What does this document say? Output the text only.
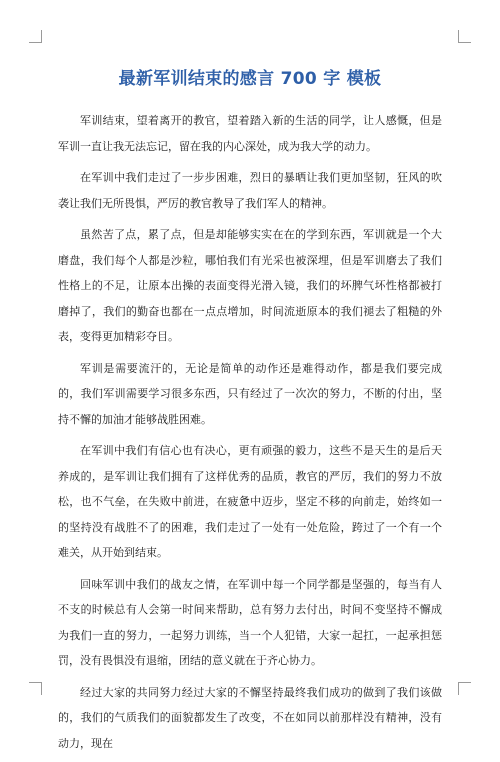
最新军训结束的感言 700 字 模板

军训结束，望着离开的教官，望着踏入新的生活的同学，让人感慨，但是军训一直让我无法忘记，留在我的内心深处，成为我大学的动力。

在军训中我们走过了一步步困难，烈日的暴晒让我们更加坚韧，狂风的吹袭让我们无所畏惧，严厉的教官教导了我们军人的精神。

虽然苦了点，累了点，但是却能够实实在在的学到东西，军训就是一个大磨盘，我们每个人都是沙粒，哪怕我们有光采也被深埋，但是军训磨去了我们性格上的不足，让原本出操的表面变得光滑入镜，我们的坏脾气坏性格都被打磨掉了，我们的勤奋也都在一点点增加，时间流逝原本的我们褪去了粗糙的外表，变得更加精彩夺目。

军训是需要流汗的，无论是简单的动作还是难得动作，都是我们要完成的，我们军训需要学习很多东西，只有经过了一次次的努力，不断的付出，坚持不懈的加油才能够战胜困难。

在军训中我们有信心也有决心，更有顽强的毅力，这些不是天生的是后天养成的，是军训让我们拥有了这样优秀的品质，教官的严厉，我们的努力不放松，也不气垒，在失败中前进，在疲惫中迈步，坚定不移的向前走，始终如一的坚持没有战胜不了的困难，我们走过了一处有一处危险，跨过了一个有一个难关，从开始到结束。

回味军训中我们的战友之情，在军训中每一个同学都是坚强的，每当有人不支的时候总有人会第一时间来帮助，总有努力去付出，时间不变坚持不懈成为我们一直的努力，一起努力训练，当一个人犯错，大家一起扛，一起承担惩罚，没有畏惧没有退缩，团结的意义就在于齐心协力。

经过大家的共同努力经过大家的不懈坚持最终我们成功的做到了我们该做的，我们的气质我们的面貌都发生了改变，不在如同以前那样没有精神，没有动力，现在
